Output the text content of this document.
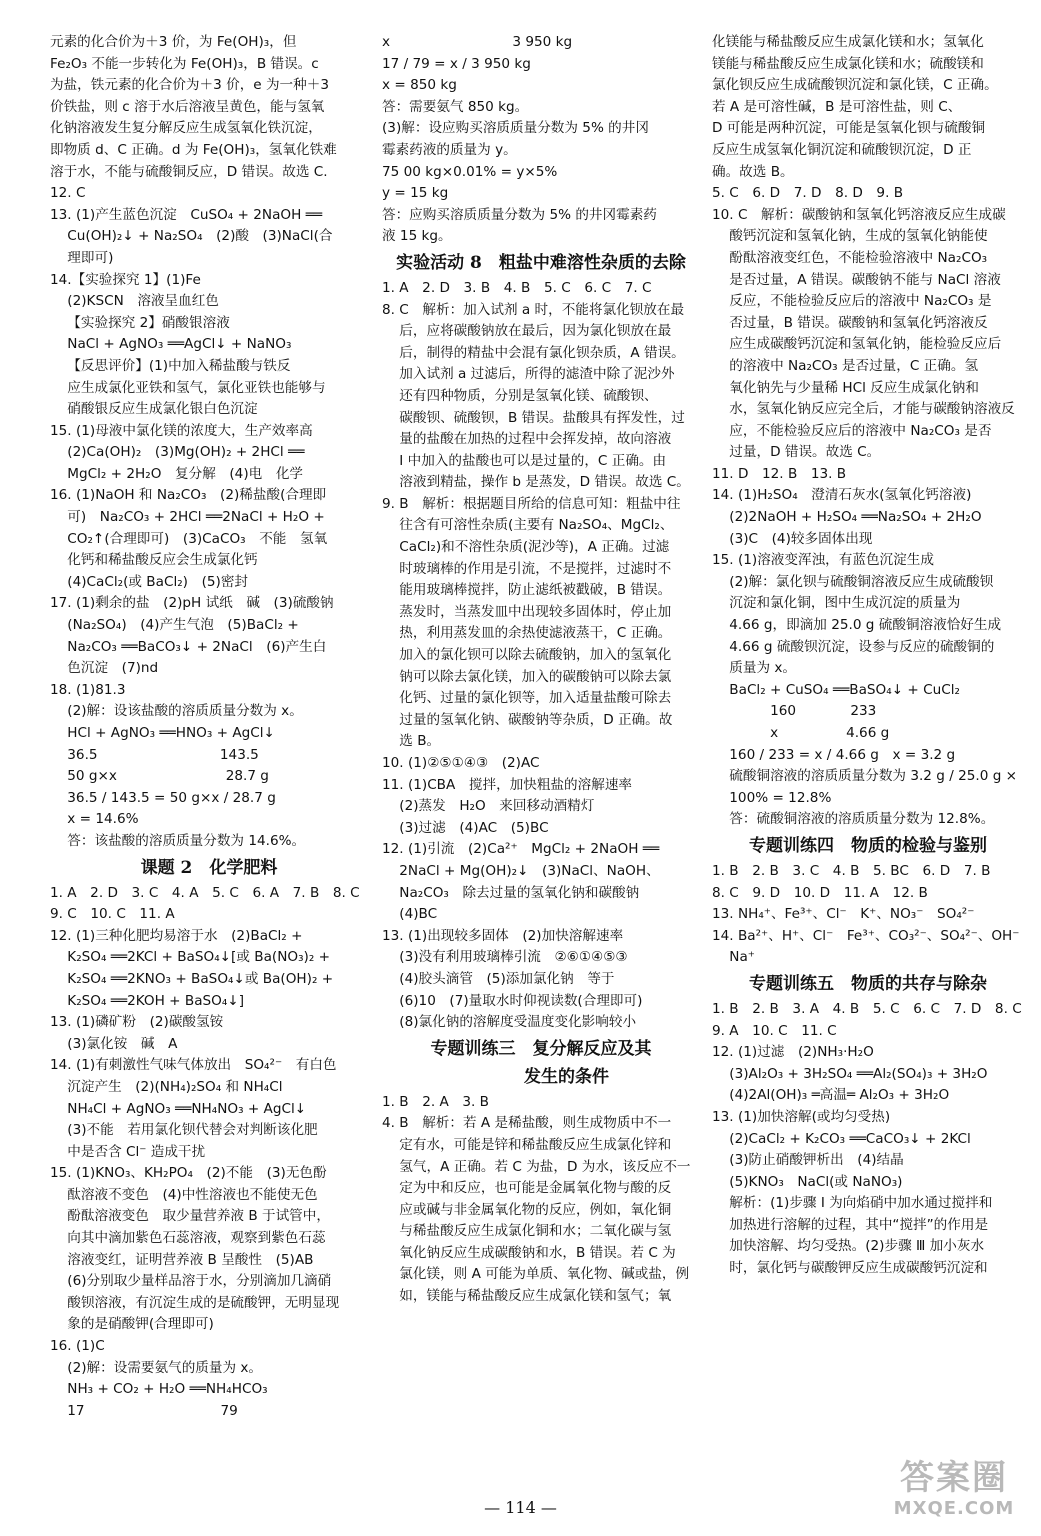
元素的化合价为＋3 价，为 Fe(OH)₃，但
Fe₂O₃ 不能一步转化为 Fe(OH)₃，B 错误。c
为盐，铁元素的化合价为＋3 价，e 为一种＋3
价铁盐，则 c 溶于水后溶液呈黄色，能与氢氧
化钠溶液发生复分解反应生成氢氧化铁沉淀，
即物质 d、C 正确。d 为 Fe(OH)₃，氢氧化铁难
溶于水，不能与硫酸铜反应，D 错误。故选 C.
12. C
13. (1)产生蓝色沉淀　CuSO₄ + 2NaOH ══
Cu(OH)₂↓ + Na₂SO₄　(2)酸　(3)NaCl(合
理即可)
14.【实验探究 1】(1)Fe
(2)KSCN　溶液呈血红色
【实验探究 2】硝酸银溶液
NaCl + AgNO₃ ══AgCl↓ + NaNO₃
【反思评价】(1)中加入稀盐酸与铁反
应生成氯化亚铁和氢气，氯化亚铁也能够与
硝酸银反应生成氯化银白色沉淀
15. (1)母液中氯化镁的浓度大，生产效率高
(2)Ca(OH)₂　(3)Mg(OH)₂ + 2HCl ══
MgCl₂ + 2H₂O　复分解　(4)电　化学
16. (1)NaOH 和 Na₂CO₃　(2)稀盐酸(合理即
可)　Na₂CO₃ + 2HCl ══2NaCl + H₂O +
CO₂↑(合理即可)　(3)CaCO₃　不能　氢氧
化钙和稀盐酸反应会生成氯化钙
(4)CaCl₂(或 BaCl₂)　(5)密封
17. (1)剩余的盐　(2)pH 试纸　碱　(3)硫酸钠
(Na₂SO₄)　(4)产生气泡　(5)BaCl₂ +
Na₂CO₃ ══BaCO₃↓ + 2NaCl　(6)产生白
色沉淀　(7)nd
18. (1)81.3
(2)解：设该盐酸的溶质质量分数为 x。
HCl + AgNO₃ ══HNO₃ + AgCl↓
36.5　　　　　　　　　143.5
50 g×x　　　　　　　　28.7 g
36.5 / 143.5 = 50 g×x / 28.7 g
x = 14.6%
答：该盐酸的溶质质量分数为 14.6%。
课题 2　化学肥料
1. A　2. D　3. C　4. A　5. C　6. A　7. B　8. C
9. C　10. C　11. A
12. (1)三种化肥均易溶于水　(2)BaCl₂ +
K₂SO₄ ══2KCl + BaSO₄↓[或 Ba(NO₃)₂ +
K₂SO₄ ══2KNO₃ + BaSO₄↓或 Ba(OH)₂ +
K₂SO₄ ══2KOH + BaSO₄↓]
13. (1)磷矿粉　(2)碳酸氢铵
(3)氯化铵　碱　A
14. (1)有刺激性气味气体放出　SO₄²⁻　有白色
沉淀产生　(2)(NH₄)₂SO₄ 和 NH₄Cl
NH₄Cl + AgNO₃ ══NH₄NO₃ + AgCl↓
(3)不能　若用氯化钡代替会对判断该化肥
中是否含 Cl⁻ 造成干扰
15. (1)KNO₃、KH₂PO₄　(2)不能　(3)无色酚
酞溶液不变色　(4)中性溶液也不能使无色
酚酞溶液变色　取少量营养液 B 于试管中，
向其中滴加紫色石蕊溶液，观察到紫色石蕊
溶液变红，证明营养液 B 呈酸性　(5)AB
(6)分别取少量样品溶于水，分别滴加几滴硝
酸钡溶液，有沉淀生成的是硫酸钾，无明显现
象的是硝酸钾(合理即可)
16. (1)C
(2)解：设需要氨气的质量为 x。
NH₃ + CO₂ + H₂O ══NH₄HCO₃
17　　　　　　　　　　79
x　　　　　　　　　3 950 kg
17 / 79 = x / 3 950 kg
x = 850 kg
答：需要氨气 850 kg。
(3)解：设应购买溶质质量分数为 5% 的井冈
霉素药液的质量为 y。
75 00 kg×0.01% = y×5%
y = 15 kg
答：应购买溶质质量分数为 5% 的井冈霉素药
液 15 kg。
实验活动 8　粗盐中难溶性杂质的去除
1. A　2. D　3. B　4. B　5. C　6. C　7. C
8. C　解析：加入试剂 a 时，不能将氯化钡放在最
后，应将碳酸钠放在最后，因为氯化钡放在最
后，制得的精盐中会混有氯化钡杂质，A 错误。
加入试剂 a 过滤后，所得的滤渣中除了泥沙外
还有四种物质，分别是氢氧化镁、硫酸钡、
碳酸钡、硫酸钡，B 错误。盐酸具有挥发性，过
量的盐酸在加热的过程中会挥发掉，故向溶液
Ⅰ 中加入的盐酸也可以是过量的，C 正确。由
溶液到精盐，操作 b 是蒸发，D 错误。故选 C。
9. B　解析：根据题目所给的信息可知：粗盐中往
往含有可溶性杂质(主要有 Na₂SO₄、MgCl₂、
CaCl₂)和不溶性杂质(泥沙等)，A 正确。过滤
时玻璃棒的作用是引流，不是搅拌，过滤时不
能用玻璃棒搅拌，防止滤纸被戳破，B 错误。
蒸发时，当蒸发皿中出现较多固体时，停止加
热，利用蒸发皿的余热使滤液蒸干，C 正确。
加入的氯化钡可以除去硫酸钠，加入的氢氧化
钠可以除去氯化镁，加入的碳酸钠可以除去氯
化钙、过量的氯化钡等，加入适量盐酸可除去
过量的氢氧化钠、碳酸钠等杂质，D 正确。故
选 B。
10. (1)②⑤①④③　(2)AC
11. (1)CBA　搅拌，加快粗盐的溶解速率
(2)蒸发　H₂O　来回移动酒精灯
(3)过滤　(4)AC　(5)BC
12. (1)引流　(2)Ca²⁺　MgCl₂ + 2NaOH ══
2NaCl + Mg(OH)₂↓　(3)NaCl、NaOH、
Na₂CO₃　除去过量的氢氧化钠和碳酸钠
(4)BC
13. (1)出现较多固体　(2)加快溶解速率
(3)没有利用玻璃棒引流　②⑥①④⑤③
(4)胶头滴管　(5)添加氯化钠　等于
(6)10　(7)量取水时仰视读数(合理即可)
(8)氯化钠的溶解度受温度变化影响较小
专题训练三　复分解反应及其
　　　发生的条件
1. B　2. A　3. B
4. B　解析：若 A 是稀盐酸，则生成物质中不一
定有水，可能是锌和稀盐酸反应生成氯化锌和
氢气，A 正确。若 C 为盐，D 为水，该反应不一
定为中和反应，也可能是金属氧化物与酸的反
应或碱与非金属氧化物的反应，例如，氧化铜
与稀盐酸反应生成氯化铜和水；二氧化碳与氢
氧化钠反应生成碳酸钠和水，B 错误。若 C 为
氯化镁，则 A 可能为单质、氧化物、碱或盐，例
如，镁能与稀盐酸反应生成氯化镁和氢气；氧
化镁能与稀盐酸反应生成氯化镁和水；氢氧化
镁能与稀盐酸反应生成氯化镁和水；硫酸镁和
氯化钡反应生成硫酸钡沉淀和氯化镁，C 正确。
若 A 是可溶性碱，B 是可溶性盐，则 C、
D 可能是两种沉淀，可能是氢氧化钡与硫酸铜
反应生成氢氧化铜沉淀和硫酸钡沉淀，D 正
确。故选 B。
5. C　6. D　7. D　8. D　9. B
10. C　解析：碳酸钠和氢氧化钙溶液反应生成碳
酸钙沉淀和氢氧化钠，生成的氢氧化钠能使
酚酞溶液变红色，不能检验溶液中 Na₂CO₃
是否过量，A 错误。碳酸钠不能与 NaCl 溶液
反应，不能检验反应后的溶液中 Na₂CO₃ 是
否过量，B 错误。碳酸钠和氢氧化钙溶液反
应生成碳酸钙沉淀和氢氧化钠，能检验反应后
的溶液中 Na₂CO₃ 是否过量，C 正确。氢
氧化钠先与少量稀 HCl 反应生成氯化钠和
水，氢氧化钠反应完全后，才能与碳酸钠溶液反
应，不能检验反应后的溶液中 Na₂CO₃ 是否
过量，D 错误。故选 C。
11. D　12. B　13. B
14. (1)H₂SO₄　澄清石灰水(氢氧化钙溶液)
(2)2NaOH + H₂SO₄ ══Na₂SO₄ + 2H₂O
(3)C　(4)较多固体出现
15. (1)溶液变浑浊，有蓝色沉淀生成
(2)解：氯化钡与硫酸铜溶液反应生成硫酸钡
沉淀和氯化铜，图中生成沉淀的质量为
4.66 g，即滴加 25.0 g 硫酸铜溶液恰好生成
4.66 g 硫酸钡沉淀，设参与反应的硫酸铜的
质量为 x。
BaCl₂ + CuSO₄ ══BaSO₄↓ + CuCl₂
　　　160　　　　233
　　　x　　　　　4.66 g
160 / 233 = x / 4.66 g　x = 3.2 g
硫酸铜溶液的溶质质量分数为 3.2 g / 25.0 g ×
100% = 12.8%
答：硫酸铜溶液的溶质质量分数为 12.8%。
专题训练四　物质的检验与鉴别
1. B　2. B　3. C　4. B　5. BC　6. D　7. B
8. C　9. D　10. D　11. A　12. B
13. NH₄⁺、Fe³⁺、Cl⁻　K⁺、NO₃⁻　SO₄²⁻
14. Ba²⁺、H⁺、Cl⁻　Fe³⁺、CO₃²⁻、SO₄²⁻、OH⁻
Na⁺
专题训练五　物质的共存与除杂
1. B　2. B　3. A　4. B　5. C　6. C　7. D　8. C
9. A　10. C　11. C
12. (1)过滤　(2)NH₃·H₂O
(3)Al₂O₃ + 3H₂SO₄ ══Al₂(SO₄)₃ + 3H₂O
(4)2Al(OH)₃ ═高温═ Al₂O₃ + 3H₂O
13. (1)加快溶解(或均匀受热)
(2)CaCl₂ + K₂CO₃ ══CaCO₃↓ + 2KCl
(3)防止硝酸钾析出　(4)结晶
(5)KNO₃　NaCl(或 NaNO₃)
解析：(1)步骤 Ⅰ 为向焰硝中加水通过搅拌和
加热进行溶解的过程，其中“搅拌”的作用是
加快溶解、均匀受热。(2)步骤 Ⅲ 加小灰水
时，氯化钙与碳酸钾反应生成碳酸钙沉淀和
— 114 —
答案圈
MXQE.COM
